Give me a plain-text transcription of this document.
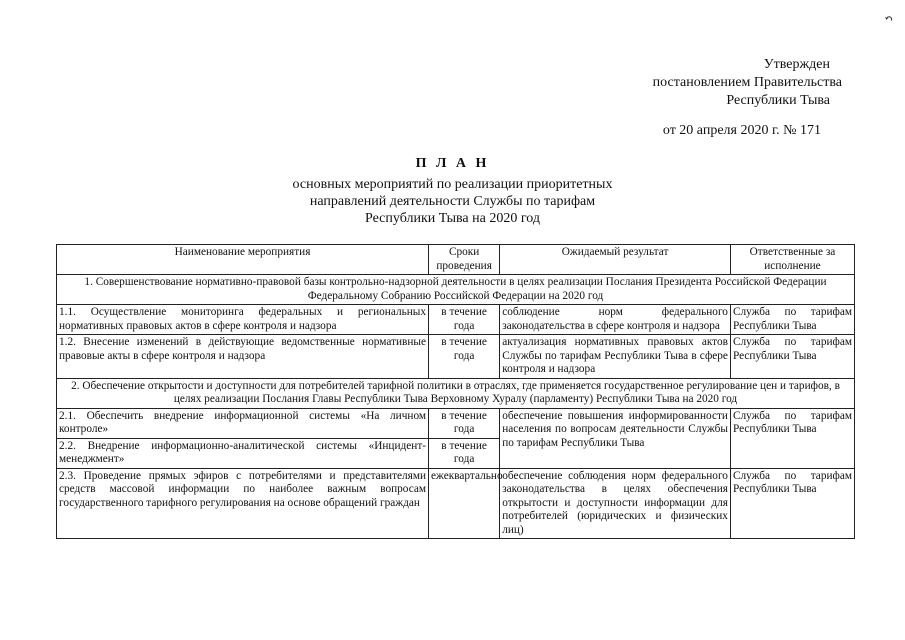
↶
Утвержден
постановлением Правительства
Республики Тыва
от 20 апреля 2020 г. № 171
П Л А Н
основных мероприятий по реализации приоритетных
направлений деятельности Службы по тарифам
Республики Тыва на 2020 год
Наименование мероприятия	Сроки проведения	Ожидаемый результат	Ответственные за исполнение
1. Совершенствование нормативно-правовой базы контрольно-надзорной деятельности в целях реализации Послания Президента Российской Федерации Федеральному Собранию Российской Федерации на 2020 год			
1.1. Осуществление мониторинга федеральных и региональных нормативных правовых актов в сфере контроля и надзора	в течение года	соблюдение норм федерального законодательства в сфере контроля и надзора	Служба по тарифам Республики Тыва
1.2. Внесение изменений в действующие ведомственные нормативные правовые акты в сфере контроля и надзора	в течение года	актуализация нормативных правовых актов Службы по тарифам Республики Тыва в сфере контроля и надзора	Служба по тарифам Республики Тыва
2. Обеспечение открытости и доступности для потребителей тарифной политики в отраслях, где применяется государственное регулирование цен и тарифов, в целях реализации Послания Главы Республики Тыва Верховному Хуралу (парламенту) Республики Тыва на 2020 год			
2.1. Обеспечить внедрение информационной системы «На личном контроле»	в течение года	обеспечение повышения информированности населения по вопросам деятельности Службы по тарифам Республики Тыва	Служба по тарифам Республики Тыва
2.2. Внедрение информационно-аналитической системы «Инцидент-менеджмент»	в течение года		
2.3. Проведение прямых эфиров с потребителями и представителями средств массовой информации по наиболее важным вопросам государственного тарифного регулирования на основе обращений граждан	ежеквартально	обеспечение соблюдения норм федерального законодательства в целях обеспечения открытости и доступности информации для потребителей (юридических и физических лиц)	Служба по тарифам Республики Тыва
